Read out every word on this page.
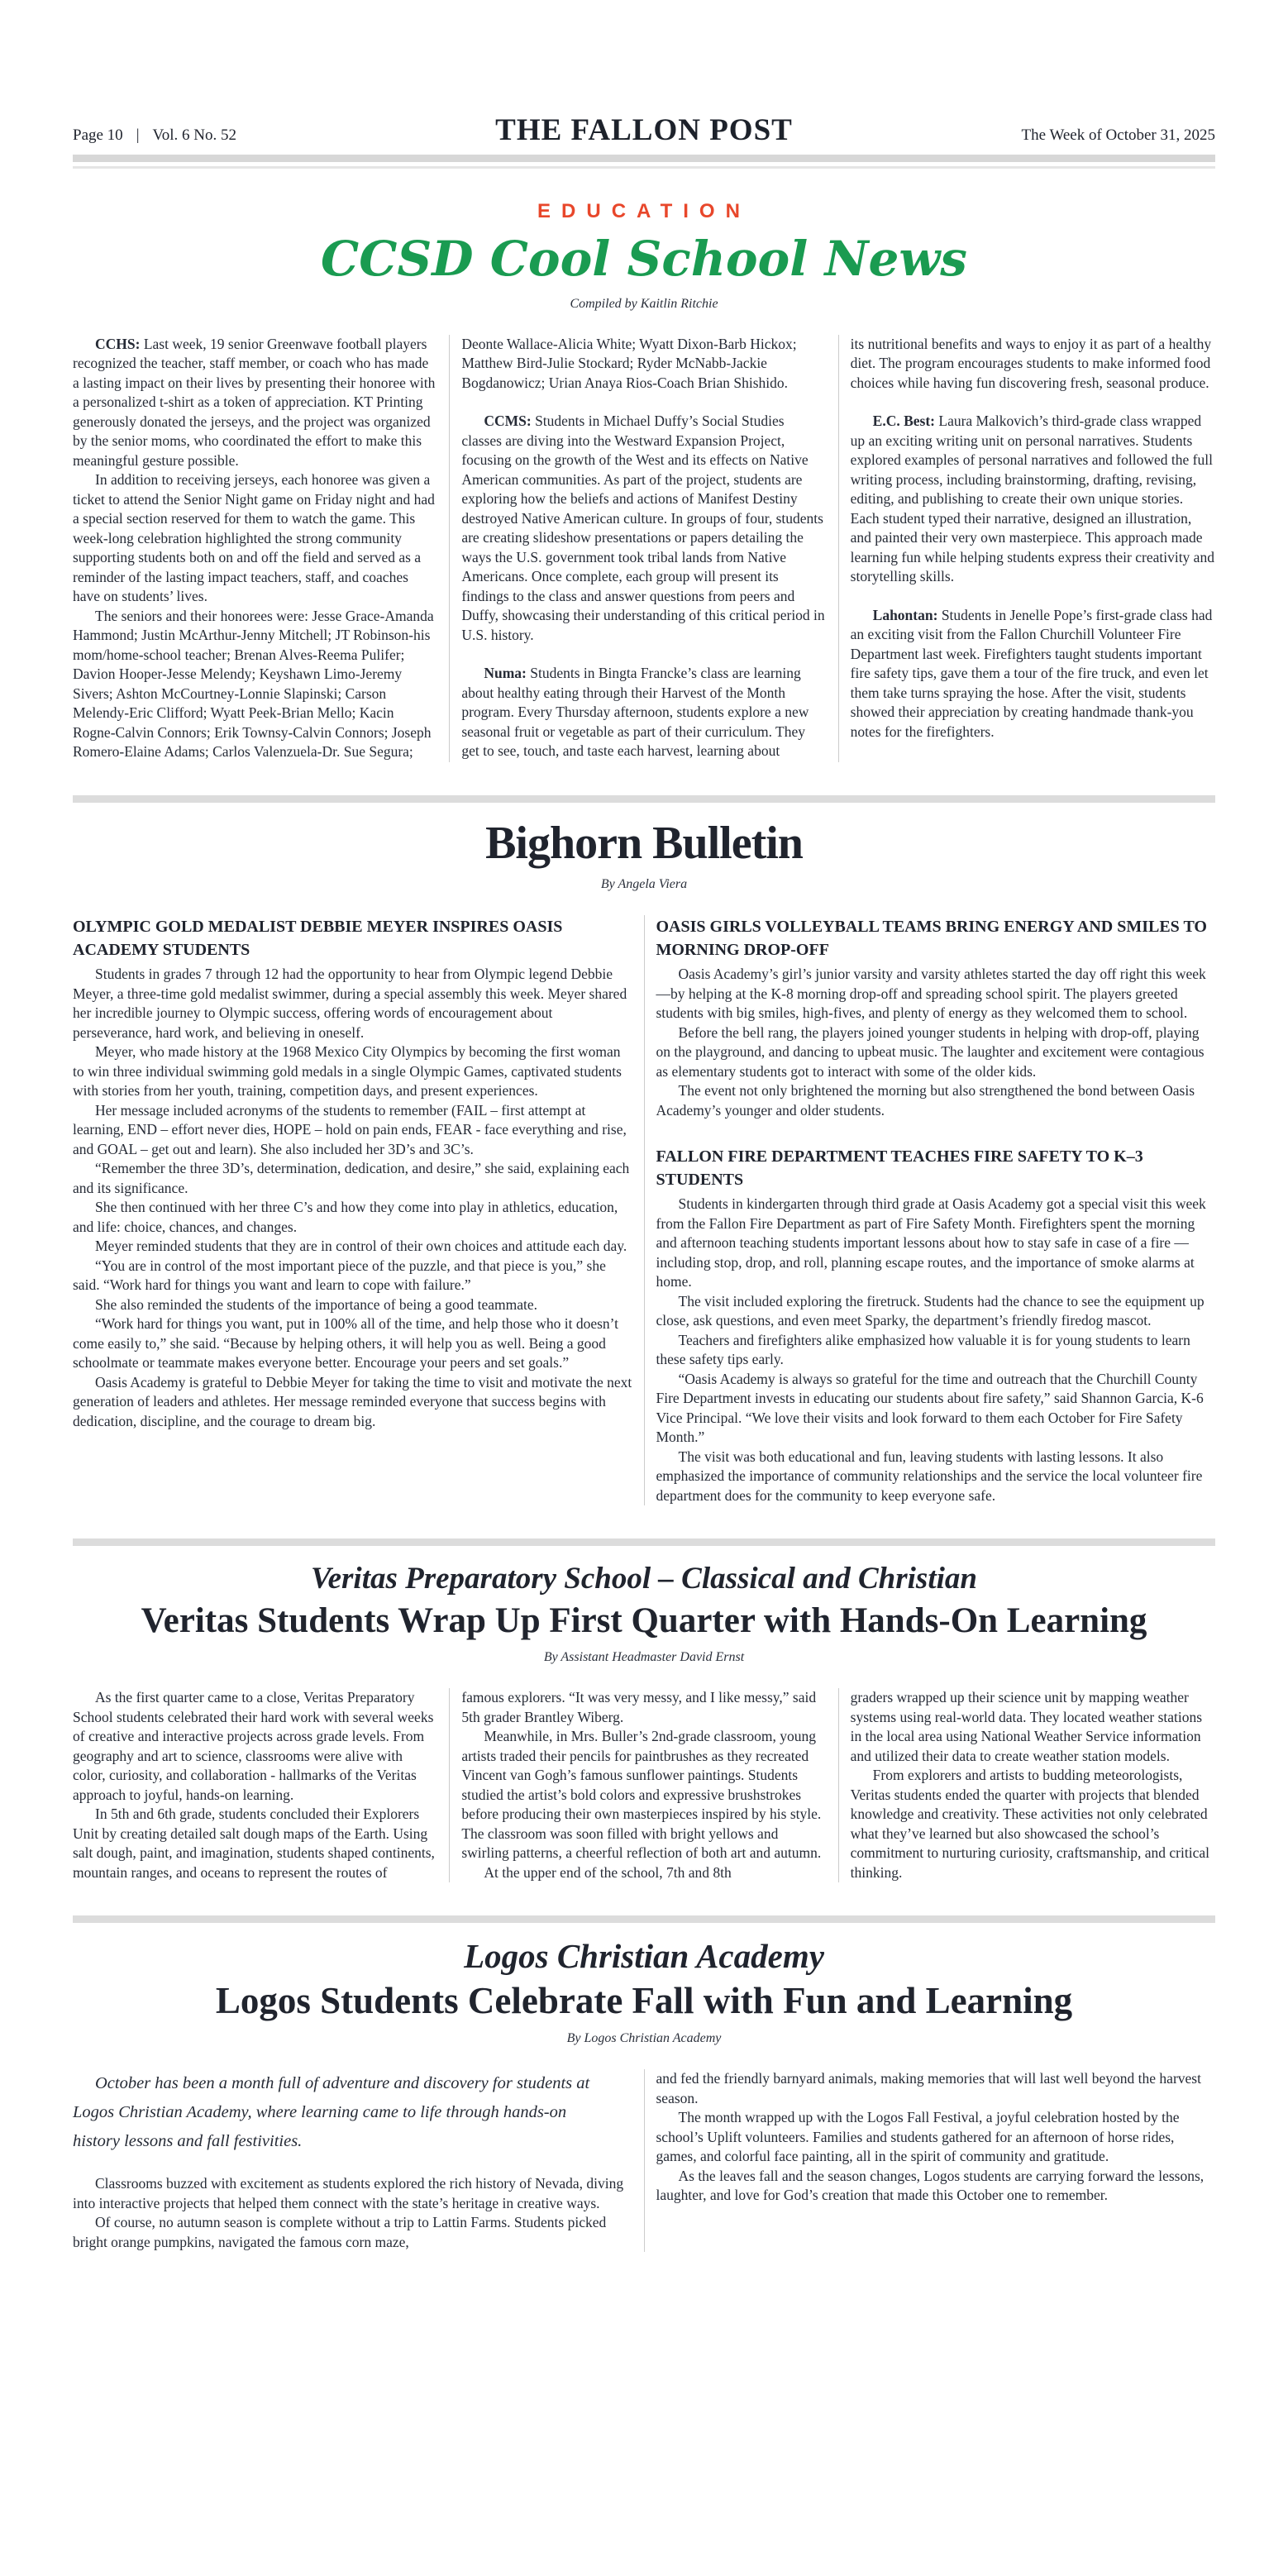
Page 10 | Vol. 6 No. 52	THE FALLON POST	The Week of October 31, 2025
EDUCATION
CCSD Cool School News
Compiled by Kaitlin Ritchie

CCHS: Last week, 19 senior Greenwave football players recognized the teacher, staff member, or coach who has made a lasting impact on their lives by presenting their honoree with a personalized t-shirt as a token of appreciation. KT Printing generously donated the jerseys, and the project was organized by the senior moms, who coordinated the effort to make this meaningful gesture possible.

In addition to receiving jerseys, each honoree was given a ticket to attend the Senior Night game on Friday night and had a special section reserved for them to watch the game. This week-long celebration highlighted the strong community supporting students both on and off the field and served as a reminder of the lasting impact teachers, staff, and coaches have on students’ lives.

The seniors and their honorees were: Jesse Grace-Amanda Hammond; Justin McArthur-Jenny Mitchell; JT Robinson-his mom/home-school teacher; Brenan Alves-Reema Pulifer; Davion Hooper-Jesse Melendy; Keyshawn Limo-Jeremy Sivers; Ashton McCourtney-Lonnie Slapinski; Carson Melendy-Eric Clifford; Wyatt Peek-Brian Mello; Kacin Rogne-Calvin Connors; Erik Townsy-Calvin Connors; Joseph Romero-Elaine Adams; Carlos Valenzuela-Dr. Sue Segura;

Deonte Wallace-Alicia White; Wyatt Dixon-Barb Hickox; Matthew Bird-Julie Stockard; Ryder McNabb-Jackie Bogdanowicz; Urian Anaya Rios-Coach Brian Shishido.

CCMS: Students in Michael Duffy’s Social Studies classes are diving into the Westward Expansion Project, focusing on the growth of the West and its effects on Native American communities. As part of the project, students are exploring how the beliefs and actions of Manifest Destiny destroyed Native American culture. In groups of four, students are creating slideshow presentations or papers detailing the ways the U.S. government took tribal lands from Native Americans. Once complete, each group will present its findings to the class and answer questions from peers and Duffy, showcasing their understanding of this critical period in U.S. history.

Numa: Students in Bingta Francke’s class are learning about healthy eating through their Harvest of the Month program. Every Thursday afternoon, students explore a new seasonal fruit or vegetable as part of their curriculum. They get to see, touch, and taste each harvest, learning about

its nutritional benefits and ways to enjoy it as part of a healthy diet. The program encourages students to make informed food choices while having fun discovering fresh, seasonal produce.

E.C. Best: Laura Malkovich’s third-grade class wrapped up an exciting writing unit on personal narratives. Students explored examples of personal narratives and followed the full writing process, including brainstorming, drafting, revising, editing, and publishing to create their own unique stories. Each student typed their narrative, designed an illustration, and painted their very own masterpiece. This approach made learning fun while helping students express their creativity and storytelling skills.

Lahontan: Students in Jenelle Pope’s first-grade class had an exciting visit from the Fallon Churchill Volunteer Fire Department last week. Firefighters taught students important fire safety tips, gave them a tour of the fire truck, and even let them take turns spraying the hose. After the visit, students showed their appreciation by creating handmade thank-you notes for the firefighters.

Bighorn Bulletin
By Angela Viera
OLYMPIC GOLD MEDALIST DEBBIE MEYER INSPIRES OASIS ACADEMY STUDENTS

Students in grades 7 through 12 had the opportunity to hear from Olympic legend Debbie Meyer, a three-time gold medalist swimmer, during a special assembly this week. Meyer shared her incredible journey to Olympic success, offering words of encouragement about perseverance, hard work, and believing in oneself.

Meyer, who made history at the 1968 Mexico City Olympics by becoming the first woman to win three individual swimming gold medals in a single Olympic Games, captivated students with stories from her youth, training, competition days, and present experiences.

Her message included acronyms of the students to remember (FAIL – first attempt at learning, END – effort never dies, HOPE – hold on pain ends, FEAR - face everything and rise, and GOAL – get out and learn). She also included her 3D’s and 3C’s.

“Remember the three 3D’s, determination, dedication, and desire,” she said, explaining each and its significance.

She then continued with her three C’s and how they come into play in athletics, education, and life: choice, chances, and changes.

Meyer reminded students that they are in control of their own choices and attitude each day.

“You are in control of the most important piece of the puzzle, and that piece is you,” she said. “Work hard for things you want and learn to cope with failure.”

She also reminded the students of the importance of being a good teammate.

“Work hard for things you want, put in 100% all of the time, and help those who it doesn’t come easily to,” she said. “Because by helping others, it will help you as well. Being a good schoolmate or teammate makes everyone better. Encourage your peers and set goals.”

Oasis Academy is grateful to Debbie Meyer for taking the time to visit and motivate the next generation of leaders and athletes. Her message reminded everyone that success begins with dedication, discipline, and the courage to dream big.

OASIS GIRLS VOLLEYBALL TEAMS BRING ENERGY AND SMILES TO MORNING DROP-OFF

Oasis Academy’s girl’s junior varsity and varsity athletes started the day off right this week—by helping at the K-8 morning drop-off and spreading school spirit. The players greeted students with big smiles, high-fives, and plenty of energy as they welcomed them to school.

Before the bell rang, the players joined younger students in helping with drop-off, playing on the playground, and dancing to upbeat music. The laughter and excitement were contagious as elementary students got to interact with some of the older kids.

The event not only brightened the morning but also strengthened the bond between Oasis Academy’s younger and older students.

FALLON FIRE DEPARTMENT TEACHES FIRE SAFETY TO K–3 STUDENTS

Students in kindergarten through third grade at Oasis Academy got a special visit this week from the Fallon Fire Department as part of Fire Safety Month. Firefighters spent the morning and afternoon teaching students important lessons about how to stay safe in case of a fire — including stop, drop, and roll, planning escape routes, and the importance of smoke alarms at home.

The visit included exploring the firetruck. Students had the chance to see the equipment up close, ask questions, and even meet Sparky, the department’s friendly firedog mascot.

Teachers and firefighters alike emphasized how valuable it is for young students to learn these safety tips early.

“Oasis Academy is always so grateful for the time and outreach that the Churchill County Fire Department invests in educating our students about fire safety,” said Shannon Garcia, K-6 Vice Principal. “We love their visits and look forward to them each October for Fire Safety Month.”

The visit was both educational and fun, leaving students with lasting lessons. It also emphasized the importance of community relationships and the service the local volunteer fire department does for the community to keep everyone safe.

Veritas Preparatory School – Classical and Christian
Veritas Students Wrap Up First Quarter with Hands-On Learning
By Assistant Headmaster David Ernst

As the first quarter came to a close, Veritas Preparatory School students celebrated their hard work with several weeks of creative and interactive projects across grade levels. From geography and art to science, classrooms were alive with color, curiosity, and collaboration - hallmarks of the Veritas approach to joyful, hands-on learning.

In 5th and 6th grade, students concluded their Explorers Unit by creating detailed salt dough maps of the Earth. Using salt dough, paint, and imagination, students shaped continents, mountain ranges, and oceans to represent the routes of

famous explorers. “It was very messy, and I like messy,” said 5th grader Brantley Wiberg.

Meanwhile, in Mrs. Buller’s 2nd-grade classroom, young artists traded their pencils for paintbrushes as they recreated Vincent van Gogh’s famous sunflower paintings. Students studied the artist’s bold colors and expressive brushstrokes before producing their own masterpieces inspired by his style. The classroom was soon filled with bright yellows and swirling patterns, a cheerful reflection of both art and autumn.

At the upper end of the school, 7th and 8th

graders wrapped up their science unit by mapping weather systems using real-world data. They located weather stations in the local area using National Weather Service information and utilized their data to create weather station models.

From explorers and artists to budding meteorologists, Veritas students ended the quarter with projects that blended knowledge and creativity. These activities not only celebrated what they’ve learned but also showcased the school’s commitment to nurturing curiosity, craftsmanship, and critical thinking.

Logos Christian Academy
Logos Students Celebrate Fall with Fun and Learning
By Logos Christian Academy

October has been a month full of adventure and discovery for students at Logos Christian Academy, where learning came to life through hands-on history lessons and fall festivities.

Classrooms buzzed with excitement as students explored the rich history of Nevada, diving into interactive projects that helped them connect with the state’s heritage in creative ways.

Of course, no autumn season is complete without a trip to Lattin Farms. Students picked bright orange pumpkins, navigated the famous corn maze,

and fed the friendly barnyard animals, making memories that will last well beyond the harvest season.

The month wrapped up with the Logos Fall Festival, a joyful celebration hosted by the school’s Uplift volunteers. Families and students gathered for an afternoon of horse rides, games, and colorful face painting, all in the spirit of community and gratitude.

As the leaves fall and the season changes, Logos students are carrying forward the lessons, laughter, and love for God’s creation that made this October one to remember.
